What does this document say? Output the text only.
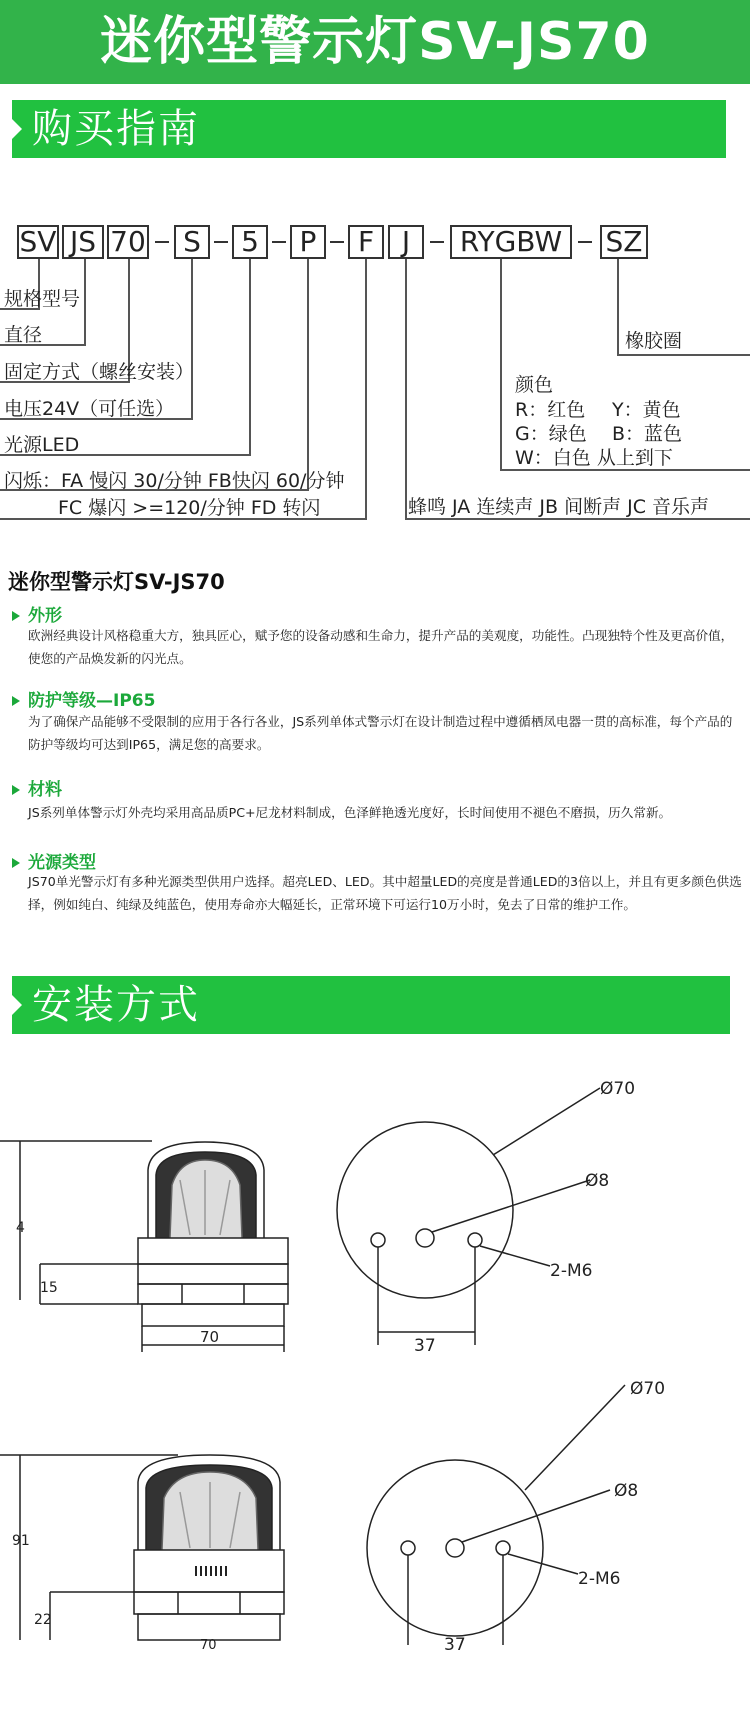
迷你型警示灯SV-JS70
购买指南
SV JS 70	S	5	P	F J	RYGBW	SZ
规格型号
直径
固定方式（螺丝安装）
电压24V（可任选）
光源LED
闪烁：FA 慢闪 30/分钟 FB快闪 60/分钟
FC 爆闪 >=120/分钟 FD 转闪
橡胶圈
颜色
R：红色 Y：黄色
G：绿色 B：蓝色
W：白色 从上到下
蜂鸣 JA 连续声 JB 间断声 JC 音乐声
迷你型警示灯SV-JS70
外形
欧洲经典设计风格稳重大方，独具匠心，赋予您的设备动感和生命力，提升产品的美观度，功能性。凸现独特个性及更高价值，使您的产品焕发新的闪光点。
防护等级—IP65
为了确保产品能够不受限制的应用于各行各业，JS系列单体式警示灯在设计制造过程中遵循栖凤电器一贯的高标准，每个产品的防护等级均可达到IP65，满足您的高要求。
材料
JS系列单体警示灯外壳均采用高品质PC+尼龙材料制成，色泽鲜艳透光度好，长时间使用不褪色不磨损，历久常新。
光源类型
JS70单光警示灯有多种光源类型供用户选择。超亮LED、LED。其中超量LED的亮度是普通LED的3倍以上，并且有更多颜色供选择，例如纯白、纯绿及纯蓝色，使用寿命亦大幅延长，正常环境下可运行10万小时，免去了日常的维护工作。
安装方式
4
15
70
Ø70
Ø8
2-M6
37
91
22
Ø70
Ø8
2-M6
70	37
